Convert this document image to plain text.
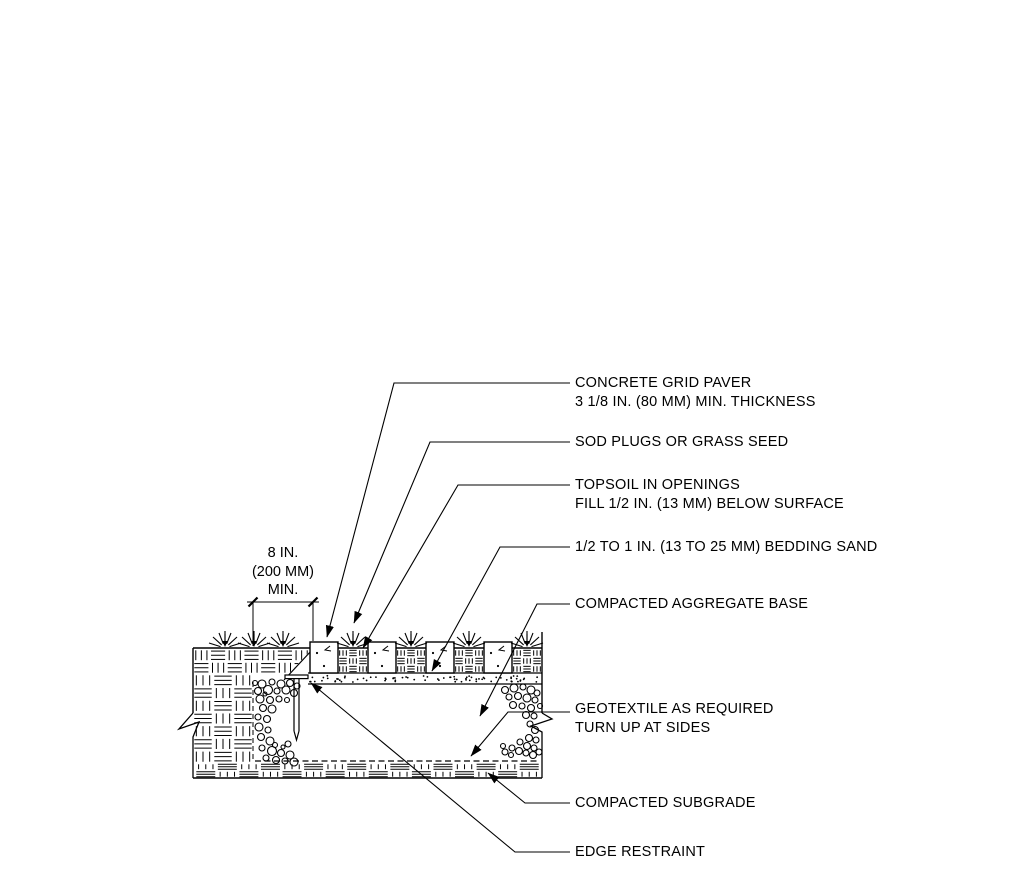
8 IN.
(200 MM)
MIN.
CONCRETE GRID PAVER
3 1/8 IN. (80 MM) MIN. THICKNESS
SOD PLUGS OR GRASS SEED
TOPSOIL IN OPENINGS
FILL 1/2 IN. (13 MM) BELOW SURFACE
1/2 TO 1 IN. (13 TO 25 MM) BEDDING SAND
COMPACTED AGGREGATE BASE
GEOTEXTILE AS REQUIRED
TURN UP AT SIDES
COMPACTED SUBGRADE
EDGE RESTRAINT
